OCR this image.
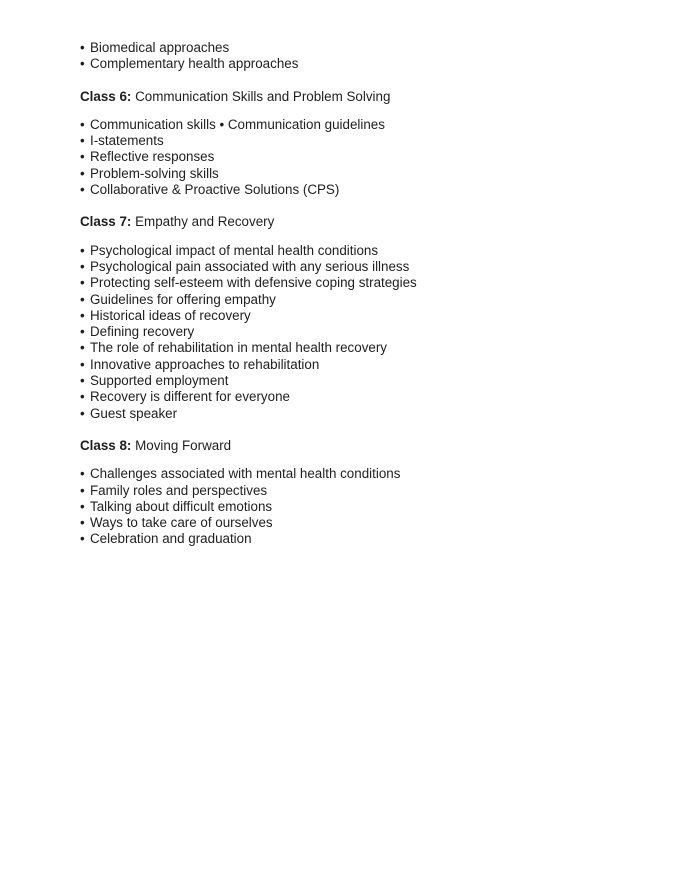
• Biomedical approaches
• Complementary health approaches
Class 6: Communication Skills and Problem Solving
• Communication skills • Communication guidelines
• I-statements
• Reflective responses
• Problem-solving skills
• Collaborative & Proactive Solutions (CPS)
Class 7: Empathy and Recovery
• Psychological impact of mental health conditions
• Psychological pain associated with any serious illness
• Protecting self-esteem with defensive coping strategies
• Guidelines for offering empathy
• Historical ideas of recovery
• Defining recovery
• The role of rehabilitation in mental health recovery
• Innovative approaches to rehabilitation
• Supported employment
• Recovery is different for everyone
• Guest speaker
Class 8: Moving Forward
• Challenges associated with mental health conditions
• Family roles and perspectives
• Talking about difficult emotions
• Ways to take care of ourselves
• Celebration and graduation
